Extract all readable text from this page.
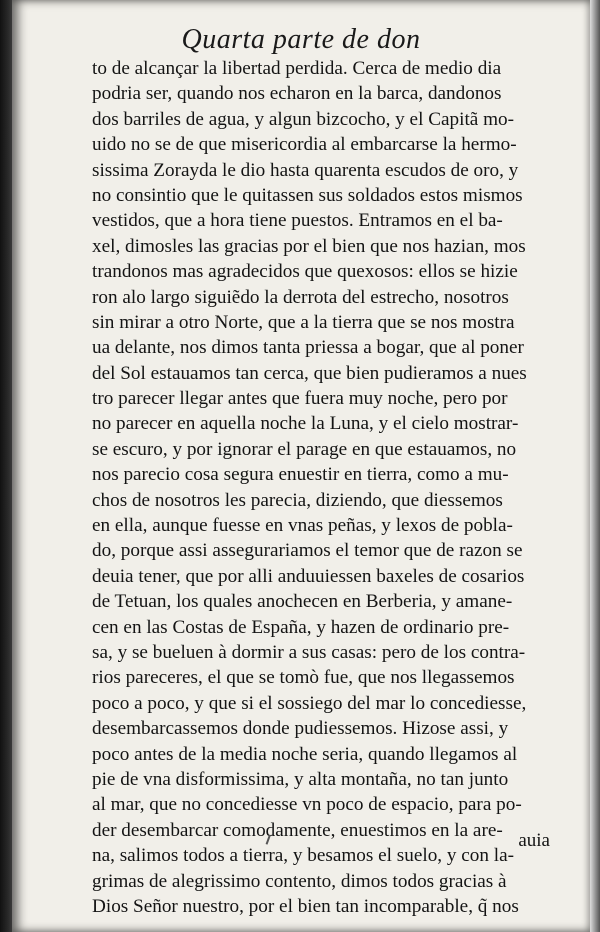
Quarta parte de don
to de alcançar la libertad perdida. Cerca de medio dia
podria ser, quando nos echaron en la barca, dandonos
dos barriles de agua, y algun bizcocho, y el Capitã mo-
uido no se de que misericordia al embarcarse la hermo-
sissima Zorayda le dio hasta quarenta escudos de oro, y
no consintio que le quitassen sus soldados estos mismos
vestidos, que a hora tiene puestos. Entramos en el ba-
xel, dimosles las gracias por el bien que nos hazian, mos
trandonos mas agradecidos que quexosos: ellos se hizie
ron alo largo siguiẽdo la derrota del estrecho, nosotros
sin mirar a otro Norte, que a la tierra que se nos mostra
ua delante, nos dimos tanta priessa a bogar, que al poner
del Sol estauamos tan cerca, que bien pudieramos a nues
tro parecer llegar antes que fuera muy noche, pero por
no parecer en aquella noche la Luna, y el cielo mostrar-
se escuro, y por ignorar el parage en que estauamos, no
nos parecio cosa segura enuestir en tierra, como a mu-
chos de nosotros les parecia, diziendo, que diessemos
en ella, aunque fuesse en vnas peñas, y lexos de pobla-
do, porque assi assegurariamos el temor que de razon se
deuia tener, que por alli anduuiessen baxeles de cosarios
de Tetuan, los quales anochecen en Berberia, y amane-
cen en las Costas de España, y hazen de ordinario pre-
sa, y se bueluen à dormir a sus casas: pero de los contra-
rios pareceres, el que se tomò fue, que nos llegassemos
poco a poco, y que si el sossiego del mar lo concediesse,
desembarcassemos donde pudiessemos. Hizose assi, y
poco antes de la media noche seria, quando llegamos al
pie de vna disformissima, y alta montaña, no tan junto
al mar, que no concediesse vn poco de espacio, para po-
der desembarcar comodamente, enuestimos en la are-
na, salimos todos a tierra, y besamos el suelo, y con la-
grimas de alegrissimo contento, dimos todos gracias à
Dios Señor nuestro, por el bien tan incomparable, q̃ nos
auia
